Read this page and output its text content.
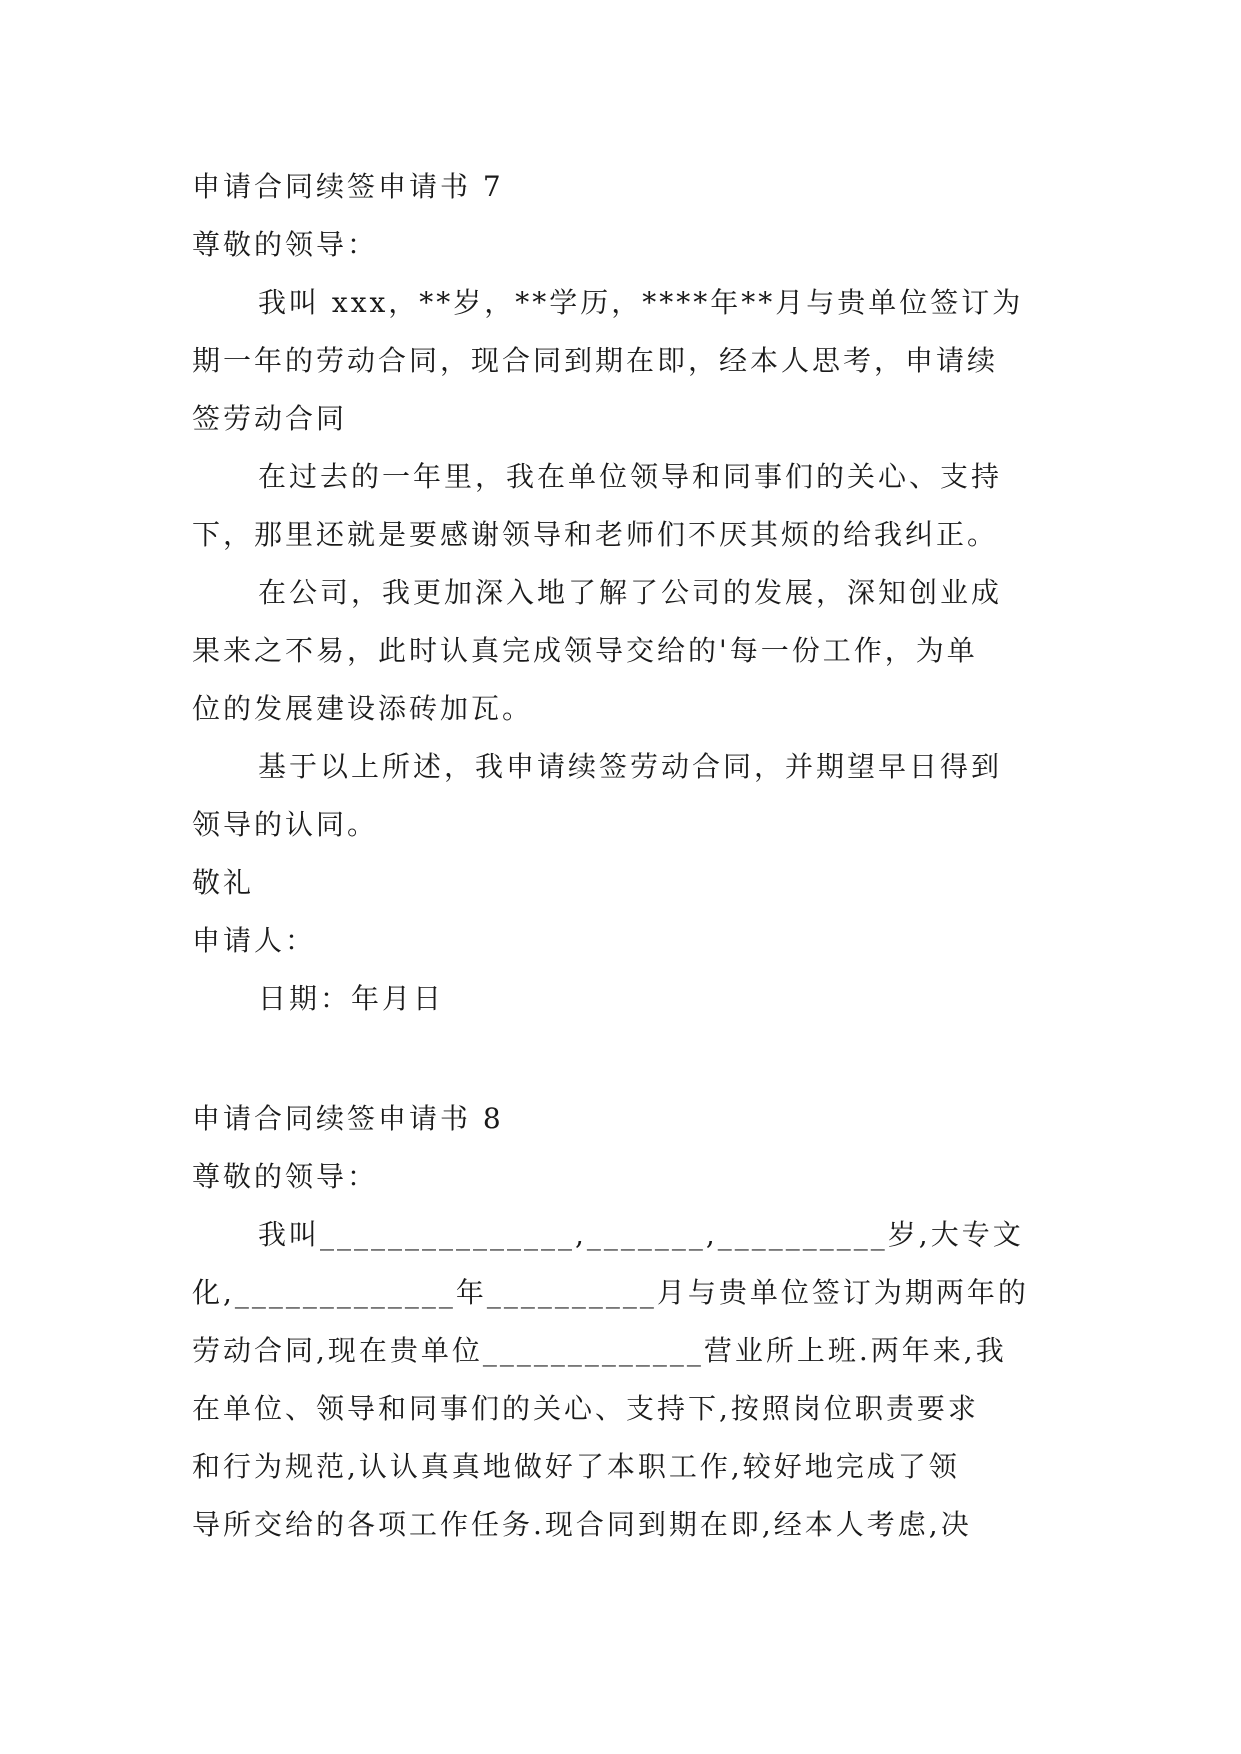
申请合同续签申请书 7
尊敬的领导：
我叫 xxx，**岁，**学历，****年**月与贵单位签订为
期一年的劳动合同，现合同到期在即，经本人思考，申请续
签劳动合同
在过去的一年里，我在单位领导和同事们的关心、支持
下，那里还就是要感谢领导和老师们不厌其烦的给我纠正。
在公司，我更加深入地了解了公司的发展，深知创业成
果来之不易，此时认真完成领导交给的'每一份工作，为单
位的发展建设添砖加瓦。
基于以上所述，我申请续签劳动合同，并期望早日得到
领导的认同。
敬礼
申请人：
日期：年月日
申请合同续签申请书 8
尊敬的领导：
我叫_______________,_______,__________岁,大专文
化,_____________年__________月与贵单位签订为期两年的
劳动合同,现在贵单位_____________营业所上班.两年来,我
在单位、领导和同事们的关心、支持下,按照岗位职责要求
和行为规范,认认真真地做好了本职工作,较好地完成了领
导所交给的各项工作任务.现合同到期在即,经本人考虑,决
